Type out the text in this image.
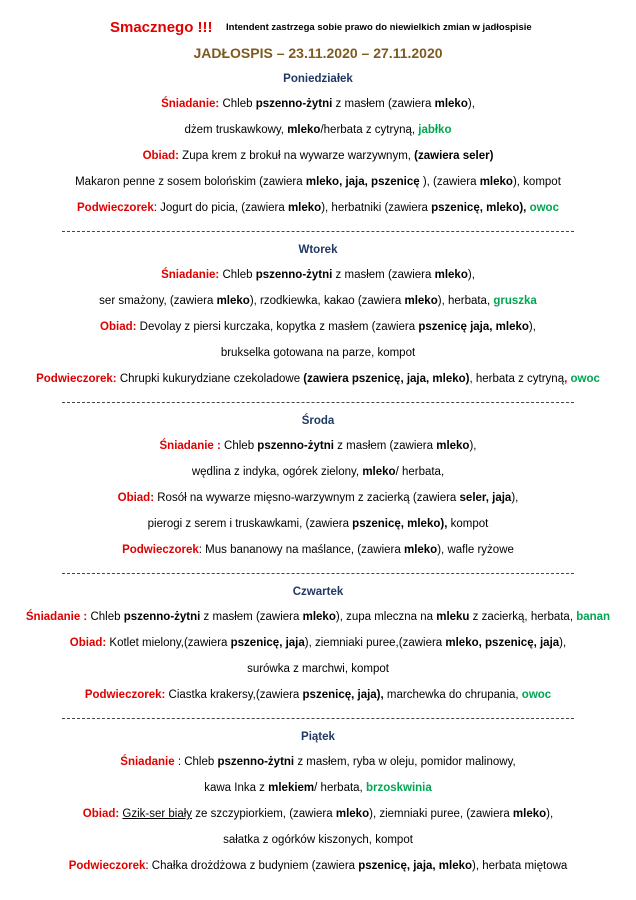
Smacznego !!! Intendent zastrzega sobie prawo do niewielkich zmian w jadłospisie
JADŁOSPIS – 23.11.2020 – 27.11.2020
Poniedziałek
Śniadanie: Chleb pszenno-żytni z masłem (zawiera mleko),
dżem truskawkowy, mleko/herbata z cytryną, jabłko
Obiad: Zupa krem z brokuł na wywarze warzywnym, (zawiera seler)
Makaron penne z sosem bolońskim (zawiera mleko, jaja, pszenicę ), (zawiera mleko), kompot
Podwieczorek: Jogurt do picia, (zawiera mleko), herbatniki (zawiera pszenicę, mleko), owoc
Wtorek
Śniadanie: Chleb pszenno-żytni z masłem (zawiera mleko),
ser smażony, (zawiera mleko), rzodkiewka, kakao (zawiera mleko), herbata, gruszka
Obiad: Devolay z piersi kurczaka, kopytka z masłem (zawiera pszenicę jaja, mleko),
brukselka gotowana na parze, kompot
Podwieczorek: Chrupki kukurydziane czekoladowe (zawiera pszenicę, jaja, mleko), herbata z cytryną, owoc
Środa
Śniadanie : Chleb pszenno-żytni z masłem (zawiera mleko),
wędlina z indyka, ogórek zielony, mleko/ herbata,
Obiad: Rosół na wywarze mięsno-warzywnym z zacierką (zawiera seler, jaja),
pierogi z serem i truskawkami, (zawiera pszenicę, mleko), kompot
Podwieczorek: Mus bananowy na maślance, (zawiera mleko), wafle ryżowe
Czwartek
Śniadanie : Chleb pszenno-żytni z masłem (zawiera mleko), zupa mleczna na mleku z zacierką, herbata, banan
Obiad: Kotlet mielony,(zawiera pszenicę, jaja), ziemniaki puree,(zawiera mleko, pszenicę, jaja),
surówka z marchwi, kompot
Podwieczorek: Ciastka krakersy,(zawiera pszenicę, jaja), marchewka do chrupania, owoc
Piątek
Śniadanie : Chleb pszenno-żytni z masłem, ryba w oleju, pomidor malinowy,
kawa Inka z mlekiem/ herbata, brzoskwinia
Obiad: Gzik-ser biały ze szczypiorkiem, (zawiera mleko), ziemniaki puree, (zawiera mleko),
sałatka z ogórków kiszonych, kompot
Podwieczorek: Chałka drożdżowa z budyniem (zawiera pszenicę, jaja, mleko), herbata miętowa
